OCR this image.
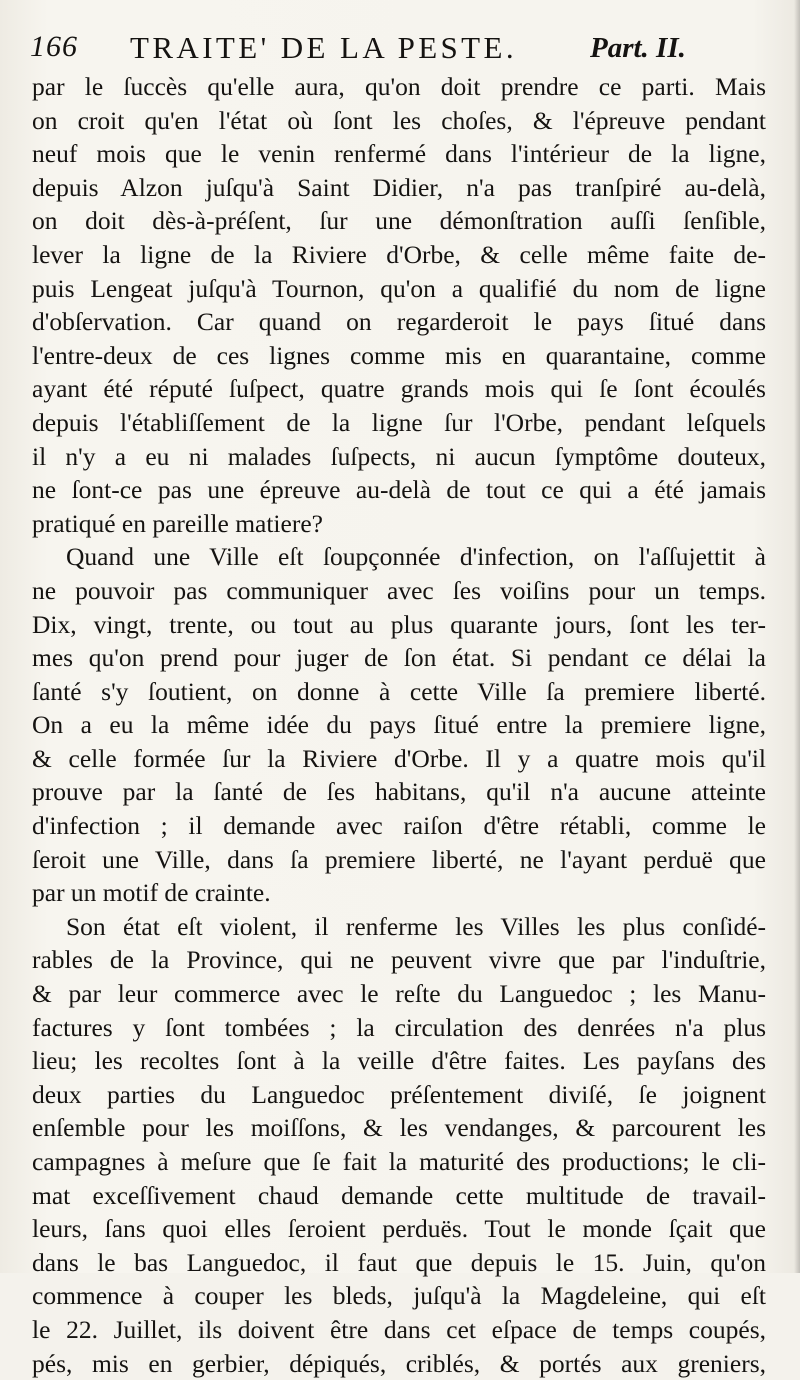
166 TRAITE' DE LA PESTE.	Part. II.
par le ſuccès qu'elle aura, qu'on doit prendre ce parti. Mais
on croit qu'en l'état où ſont les choſes, & l'épreuve pendant
neuf mois que le venin renfermé dans l'intérieur de la ligne,
depuis Alzon juſqu'à Saint Didier, n'a pas tranſpiré au-delà,
on doit dès-à-préſent, ſur une démonſtration auſſi ſenſible,
lever la ligne de la Riviere d'Orbe, & celle même faite de-
puis Lengeat juſqu'à Tournon, qu'on a qualifié du nom de ligne
d'obſervation. Car quand on regarderoit le pays ſitué dans
l'entre-deux de ces lignes comme mis en quarantaine, comme
ayant été réputé ſuſpect, quatre grands mois qui ſe ſont écoulés
depuis l'établiſſement de la ligne ſur l'Orbe, pendant leſquels
il n'y a eu ni malades ſuſpects, ni aucun ſymptôme douteux,
ne ſont-ce pas une épreuve au-delà de tout ce qui a été jamais
pratiqué en pareille matiere?
Quand une Ville eſt ſoupçonnée d'infection, on l'aſſujettit à
ne pouvoir pas communiquer avec ſes voiſins pour un temps.
Dix, vingt, trente, ou tout au plus quarante jours, ſont les ter-
mes qu'on prend pour juger de ſon état. Si pendant ce délai la
ſanté s'y ſoutient, on donne à cette Ville ſa premiere liberté.
On a eu la même idée du pays ſitué entre la premiere ligne,
& celle formée ſur la Riviere d'Orbe. Il y a quatre mois qu'il
prouve par la ſanté de ſes habitans, qu'il n'a aucune atteinte
d'infection ; il demande avec raiſon d'être rétabli, comme le
ſeroit une Ville, dans ſa premiere liberté, ne l'ayant perduë que
par un motif de crainte.
Son état eſt violent, il renferme les Villes les plus conſidé-
rables de la Province, qui ne peuvent vivre que par l'induſtrie,
& par leur commerce avec le reſte du Languedoc ; les Manu-
factures y ſont tombées ; la circulation des denrées n'a plus
lieu; les recoltes ſont à la veille d'être faites. Les payſans des
deux parties du Languedoc préſentement diviſé, ſe joignent
enſemble pour les moiſſons, & les vendanges, & parcourent les
campagnes à meſure que ſe fait la maturité des productions; le cli-
mat exceſſivement chaud demande cette multitude de travail-
leurs, ſans quoi elles ſeroient perduës. Tout le monde ſçait que
dans le bas Languedoc, il faut que depuis le 15. Juin, qu'on
commence à couper les bleds, juſqu'à la Magdeleine, qui eſt
le 22. Juillet, ils doivent être dans cet eſpace de temps coupés,
pés, mis en gerbier, dépiqués, criblés, & portés aux greniers,
